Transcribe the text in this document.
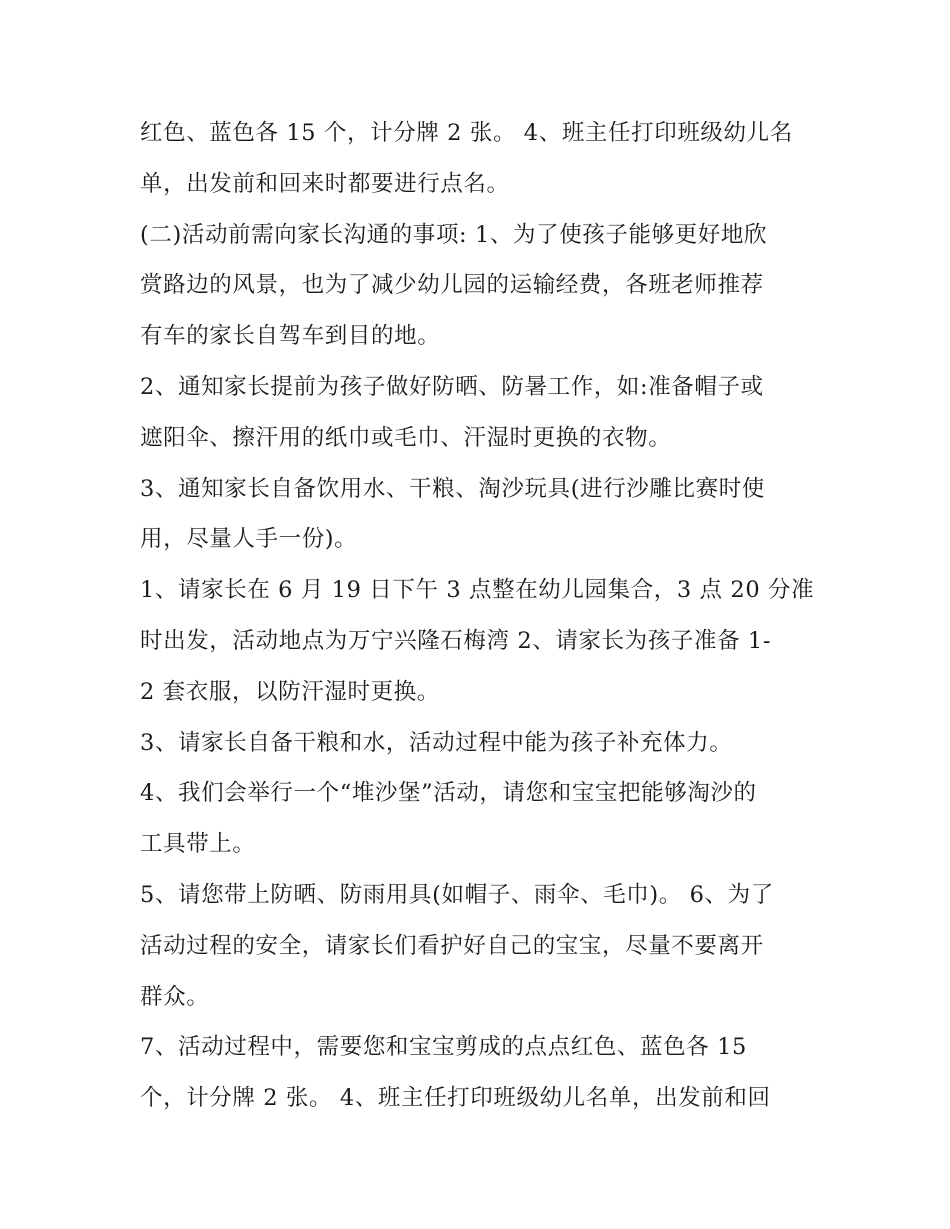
红色、蓝色各 15 个，计分牌 2 张。 4、班主任打印班级幼儿名
单，出发前和回来时都要进行点名。
(二)活动前需向家长沟通的事项: 1、为了使孩子能够更好地欣
赏路边的风景，也为了减少幼儿园的运输经费，各班老师推荐
有车的家长自驾车到目的地。
2、通知家长提前为孩子做好防晒、防暑工作，如:准备帽子或
遮阳伞、擦汗用的纸巾或毛巾、汗湿时更换的衣物。
3、通知家长自备饮用水、干粮、淘沙玩具(进行沙雕比赛时使
用，尽量人手一份)。
1、请家长在 6 月 19 日下午 3 点整在幼儿园集合，3 点 20 分准
时出发，活动地点为万宁兴隆石梅湾 2、请家长为孩子准备 1-
2 套衣服，以防汗湿时更换。
3、请家长自备干粮和水，活动过程中能为孩子补充体力。
4、我们会举行一个“堆沙堡”活动，请您和宝宝把能够淘沙的
工具带上。
5、请您带上防晒、防雨用具(如帽子、雨伞、毛巾)。 6、为了
活动过程的安全，请家长们看护好自己的宝宝，尽量不要离开
群众。
7、活动过程中，需要您和宝宝剪成的点点红色、蓝色各 15
个，计分牌 2 张。 4、班主任打印班级幼儿名单，出发前和回
